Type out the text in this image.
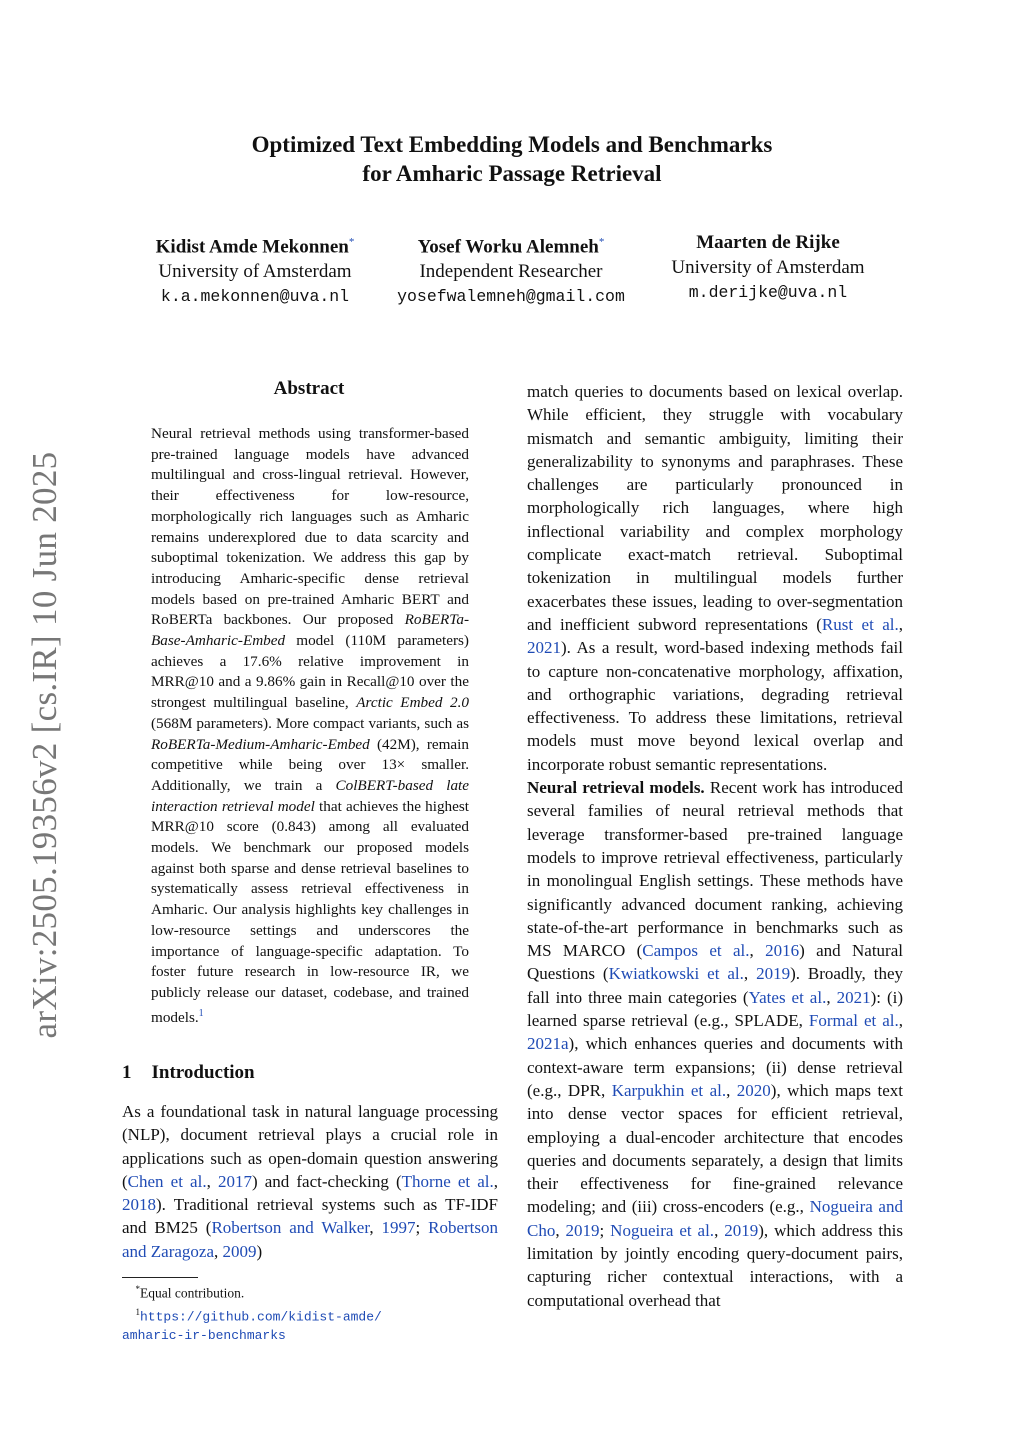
arXiv:2505.19356v2 [cs.IR] 10 Jun 2025
Optimized Text Embedding Models and Benchmarks
for Amharic Passage Retrieval
Kidist Amde Mekonnen*
University of Amsterdam
k.a.mekonnen@uva.nl
Yosef Worku Alemneh*
Independent Researcher
yosefwalemneh@gmail.com
Maarten de Rijke
University of Amsterdam
m.derijke@uva.nl
Abstract
Neural retrieval methods using transformer-based pre-trained language models have advanced multilingual and cross-lingual retrieval. However, their effectiveness for low-resource, morphologically rich languages such as Amharic remains underexplored due to data scarcity and suboptimal tokenization. We address this gap by introducing Amharic-specific dense retrieval models based on pre-trained Amharic BERT and RoBERTa backbones. Our proposed RoBERTa-Base-Amharic-Embed model (110M parameters) achieves a 17.6% relative improvement in MRR@10 and a 9.86% gain in Recall@10 over the strongest multilingual baseline, Arctic Embed 2.0 (568M parameters). More compact variants, such as RoBERTa-Medium-Amharic-Embed (42M), remain competitive while being over 13× smaller. Additionally, we train a ColBERT-based late interaction retrieval model that achieves the highest MRR@10 score (0.843) among all evaluated models. We benchmark our proposed models against both sparse and dense retrieval baselines to systematically assess retrieval effectiveness in Amharic. Our analysis highlights key challenges in low-resource settings and underscores the importance of language-specific adaptation. To foster future research in low-resource IR, we publicly release our dataset, codebase, and trained models.$^1$
1 Introduction
As a foundational task in natural language processing (NLP), document retrieval plays a crucial role in applications such as open-domain question answering (Chen et al., 2017) and fact-checking (Thorne et al., 2018). Traditional retrieval systems such as TF-IDF and BM25 (Robertson and Walker, 1997; Robertson and Zaragoza, 2009)
*Equal contribution.
$^1$https://github.com/kidist-amde/
amharic-ir-benchmarks

match queries to documents based on lexical overlap. While efficient, they struggle with vocabulary mismatch and semantic ambiguity, limiting their generalizability to synonyms and paraphrases. These challenges are particularly pronounced in morphologically rich languages, where high inflectional variability and complex morphology complicate exact-match retrieval. Suboptimal tokenization in multilingual models further exacerbates these issues, leading to over-segmentation and inefficient subword representations (Rust et al., 2021). As a result, word-based indexing methods fail to capture non-concatenative morphology, affixation, and orthographic variations, degrading retrieval effectiveness. To address these limitations, retrieval models must move beyond lexical overlap and incorporate robust semantic representations.

Neural retrieval models. Recent work has introduced several families of neural retrieval methods that leverage transformer-based pre-trained language models to improve retrieval effectiveness, particularly in monolingual English settings. These methods have significantly advanced document ranking, achieving state-of-the-art performance in benchmarks such as MS MARCO (Campos et al., 2016) and Natural Questions (Kwiatkowski et al., 2019). Broadly, they fall into three main categories (Yates et al., 2021): (i) learned sparse retrieval (e.g., SPLADE, Formal et al., 2021a), which enhances queries and documents with context-aware term expansions; (ii) dense retrieval (e.g., DPR, Karpukhin et al., 2020), which maps text into dense vector spaces for efficient retrieval, employing a dual-encoder architecture that encodes queries and documents separately, a design that limits their effectiveness for fine-grained relevance modeling; and (iii) cross-encoders (e.g., Nogueira and Cho, 2019; Nogueira et al., 2019), which address this limitation by jointly encoding query-document pairs, capturing richer contextual interactions, with a computational overhead that
